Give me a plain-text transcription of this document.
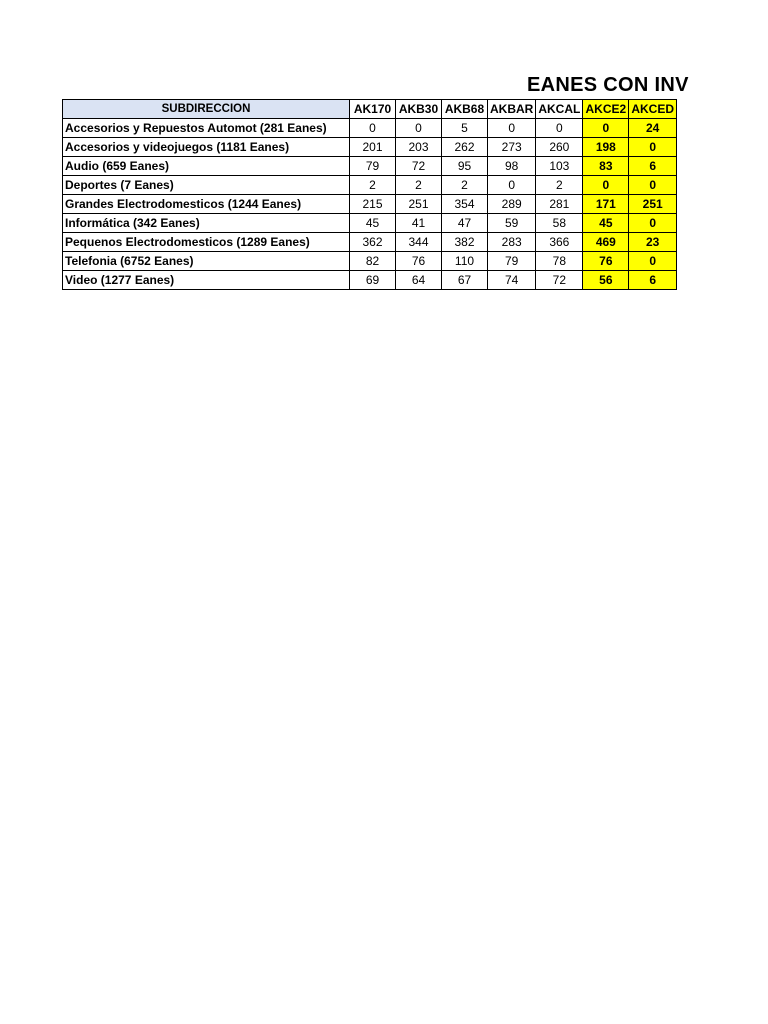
EANES CON INV
SUBDIRECCION	AK170	AKB30	AKB68	AKBAR	AKCAL	AKCE2	AKCED
Accesorios y Repuestos Automot (281 Eanes)	0	0	5	0	0	0	24
Accesorios y videojuegos (1181 Eanes)	201	203	262	273	260	198	0
Audio (659 Eanes)	79	72	95	98	103	83	6
Deportes (7 Eanes)	2	2	2	0	2	0	0
Grandes Electrodomesticos (1244 Eanes)	215	251	354	289	281	171	251
Informática (342 Eanes)	45	41	47	59	58	45	0
Pequenos Electrodomesticos (1289 Eanes)	362	344	382	283	366	469	23
Telefonia (6752 Eanes)	82	76	110	79	78	76	0
Video (1277 Eanes)	69	64	67	74	72	56	6
